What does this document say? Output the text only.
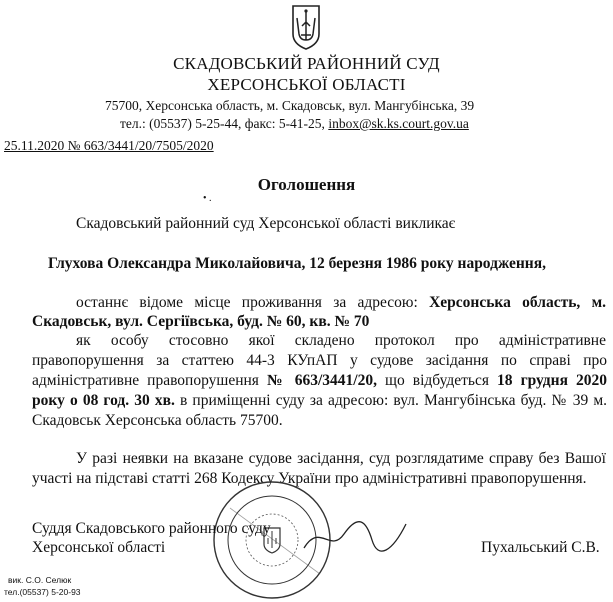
СКАДОВСЬКИЙ РАЙОННИЙ СУД
ХЕРСОНСЬКОЇ ОБЛАСТІ
75700, Херсонська область, м. Скадовськ, вул. Мангубінська, 39
тел.: (05537) 5-25-44, факс: 5-41-25, inbox@sk.ks.court.gov.ua
25.11.2020 № 663/3441/20/7505/2020
• .
Оголошення
Скадовський районний суд Херсонської області викликає
Глухова Олександра Миколайовича, 12 березня 1986 року народження,
останнє відоме місце проживання за адресою: Херсонська область, м.
Скадовськ, вул. Сергіївська, буд. № 60, кв. № 70
як особу стосовно якої складено протокол про адміністративне
правопорушення за статтею 44-3 КУпАП у судове засідання по справі про
адміністративне правопорушення № 663/3441/20, що відбудеться 18 грудня 2020
року о 08 год. 30 хв. в приміщенні суду за адресою: вул. Мангубінська буд. № 39 м.
Скадовськ Херсонська область 75700.
У разі неявки на вказане судове засідання, суд розглядатиме справу без Вашої
участі на підставі статті 268 Кодексу України про адміністративні правопорушення.
Суддя Скадовського районного суду
Херсонської області	Пухальський С.В.
вик. С.О. Селюк
тел.(05537) 5-20-93
